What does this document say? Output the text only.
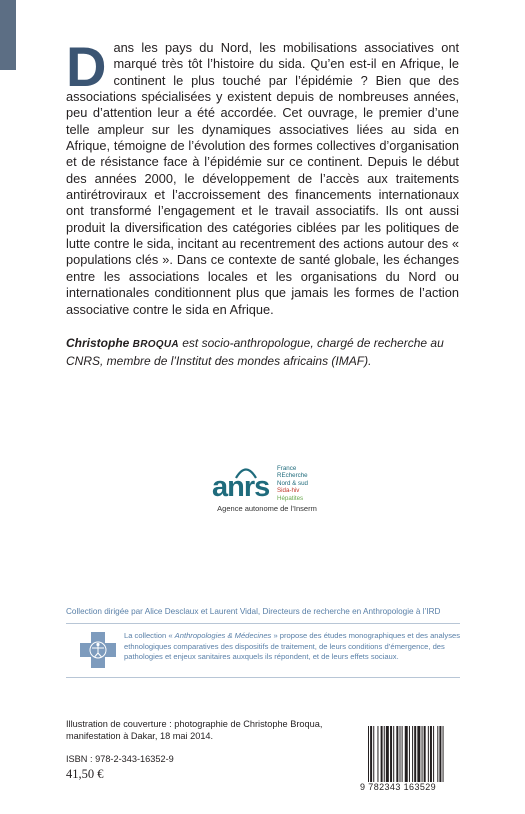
Dans les pays du Nord, les mobilisations associatives ont marqué très tôt l’histoire du sida. Qu’en est-il en Afrique, le continent le plus touché par l’épidémie ? Bien que des associations spécialisées y existent depuis de nombreuses années, peu d’attention leur a été accordée. Cet ouvrage, le premier d’une telle ampleur sur les dynamiques associatives liées au sida en Afrique, témoigne de l’évolution des formes collectives d’organisation et de résistance face à l’épidémie sur ce continent. Depuis le début des années 2000, le développement de l’accès aux traitements antirétroviraux et l’accroissement des financements internationaux ont transformé l’engagement et le travail associatifs. Ils ont aussi produit la diversification des catégories ciblées par les politiques de lutte contre le sida, incitant au recentrement des actions autour des « populations clés ». Dans ce contexte de santé globale, les échanges entre les associations locales et les organisations du Nord ou internationales conditionnent plus que jamais les formes de l’action associative contre le sida en Afrique.

Christophe BROQUA est socio-anthropologue, chargé de recherche au CNRS, membre de l’Institut des mondes africains (IMAF).

anrs
France
REcherche
Nord & sud
Sida-hiv
Hépatites
Agence autonome de l’Inserm
Collection dirigée par Alice Desclaux et Laurent Vidal, Directeurs de recherche en Anthropologie à l’IRD

La collection « Anthropologies & Médecines » propose des études monographiques et des analyses ethnologiques comparatives des dispositifs de traitement, de leurs conditions d’émergence, des pathologies et enjeux sanitaires auxquels ils répondent, et de leurs effets sociaux.

Illustration de couverture : photographie de Christophe Broqua, manifestation à Dakar, 18 mai 2014.

ISBN : 978-2-343-16352-9
41,50 €
9 782343 163529
